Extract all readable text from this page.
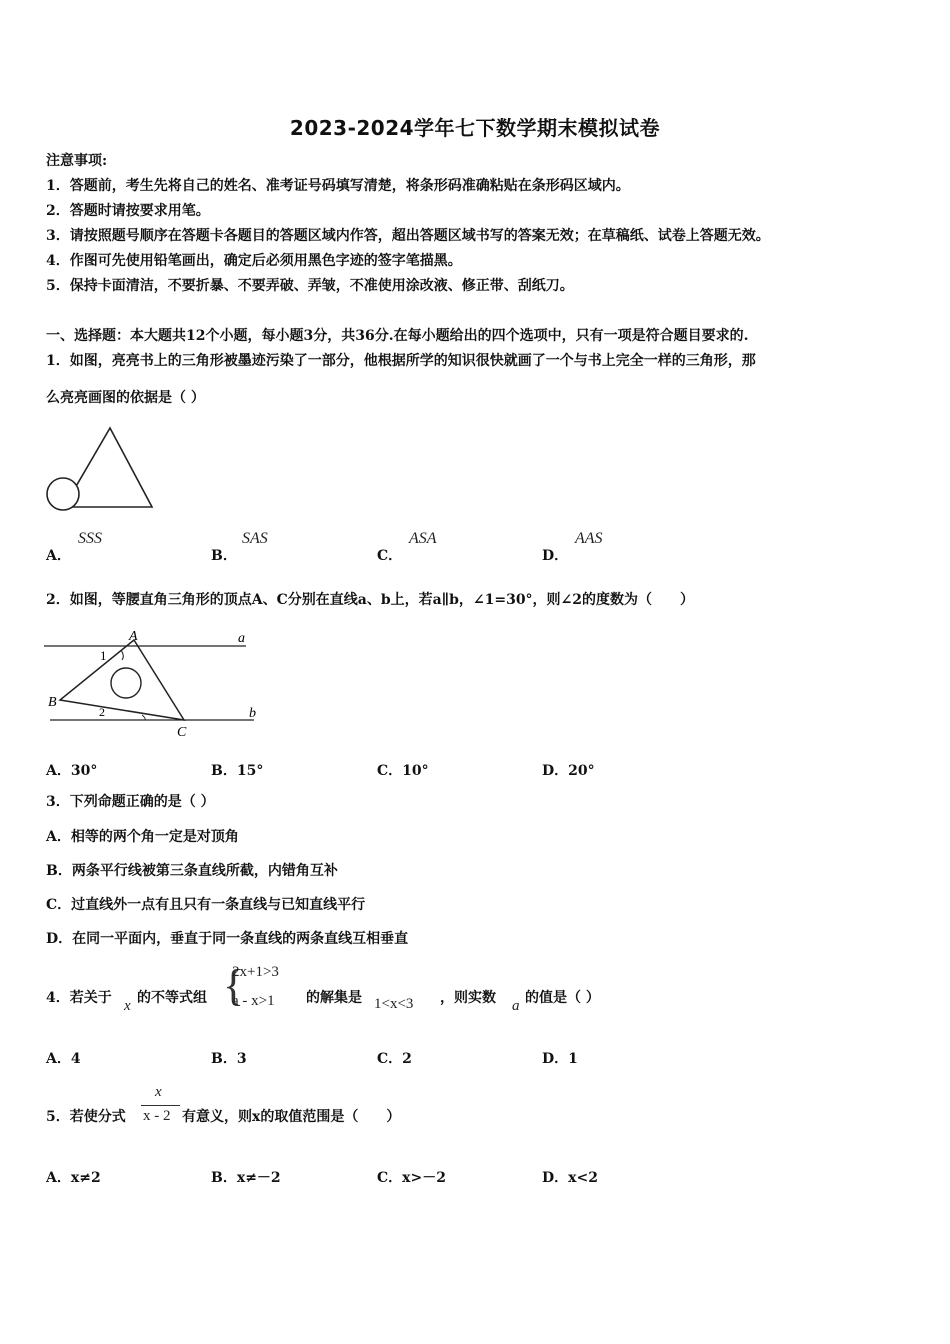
2023-2024学年七下数学期末模拟试卷
注意事项:
1．答题前，考生先将自己的姓名、准考证号码填写清楚，将条形码准确粘贴在条形码区域内。
2．答题时请按要求用笔。
3．请按照题号顺序在答题卡各题目的答题区域内作答，超出答题区域书写的答案无效；在草稿纸、试卷上答题无效。
4．作图可先使用铅笔画出，确定后必须用黑色字迹的签字笔描黑。
5．保持卡面清洁，不要折暴、不要弄破、弄皱，不准使用涂改液、修正带、刮纸刀。
一、选择题：本大题共12个小题，每小题3分，共36分.在每小题给出的四个选项中，只有一项是符合题目要求的.
1．如图，亮亮书上的三角形被墨迹污染了一部分，他根据所学的知识很快就画了一个与书上完全一样的三角形，那
么亮亮画图的依据是（ ）
A．
SSS
B．
SAS
C．
ASA
D．
AAS
2．如图，等腰直角三角形的顶点A、C分别在直线a、b上，若a∥b，∠1=30°，则∠2的度数为（　　）
A
B
C
a
b
1
2
A．30°	B．15°	C．10°	D．20°
3．下列命题正确的是（ ）
A．相等的两个角一定是对顶角
B．两条平行线被第三条直线所截，内错角互补
C．过直线外一点有且只有一条直线与已知直线平行
D．在同一平面内，垂直于同一条直线的两条直线互相垂直
4．若关于 x 的不等式组 {
2x+1>3
a - x>1 的解集是 1<x<3 ，则实数 a 的值是（ ）
A．4	B．3	C．2	D．1
5．若使分式
x
x - 2 有意义，则x的取值范围是（　　）
A．x≠2	B．x≠－2	C．x>－2	D．x<2
